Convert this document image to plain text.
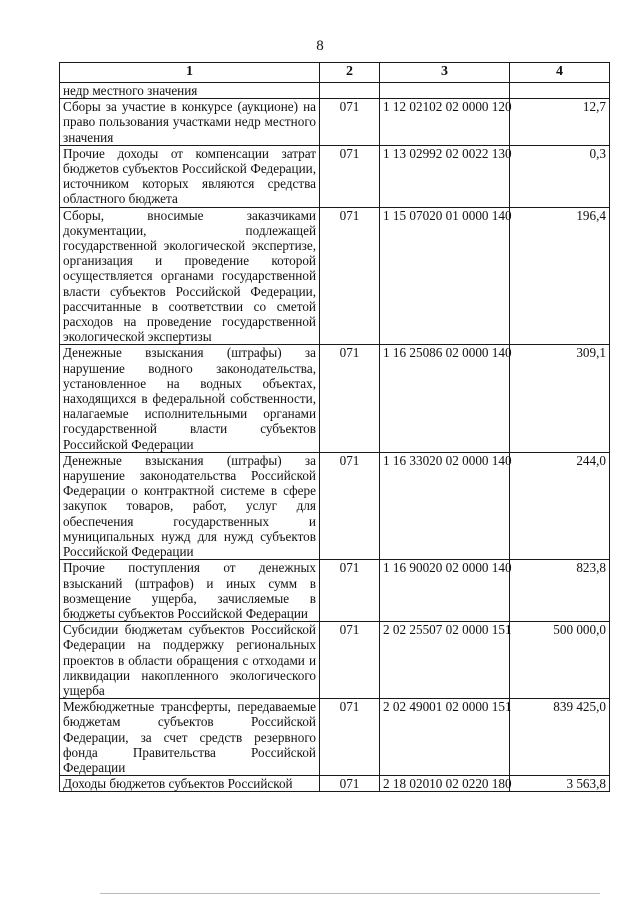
8
1	2	3	4
недр местного значения			
Сборы за участие в конкурсе (аукционе) на право пользования участками недр местного значения	071	1 12 02102 02 0000 120	12,7
Прочие доходы от компенсации затрат бюджетов субъектов Российской Федерации, источником которых являются средства областного бюджета	071	1 13 02992 02 0022 130	0,3
Сборы, вносимые заказчиками документации, подлежащей государственной экологической экспертизе, организация и проведение которой осуществляется органами государственной власти субъектов Российской Федерации, рассчитанные в соответствии со сметой расходов на проведение государственной экологической экспертизы	071	1 15 07020 01 0000 140	196,4
Денежные взыскания (штрафы) за нарушение водного законодательства, установленное на водных объектах, находящихся в федеральной собственности, налагаемые исполнительными органами государственной власти субъектов Российской Федерации	071	1 16 25086 02 0000 140	309,1
Денежные взыскания (штрафы) за нарушение законодательства Российской Федерации о контрактной системе в сфере закупок товаров, работ, услуг для обеспечения государственных и муниципальных нужд для нужд субъектов Российской Федерации	071	1 16 33020 02 0000 140	244,0
Прочие поступления от денежных взысканий (штрафов) и иных сумм в возмещение ущерба, зачисляемые в бюджеты субъектов Российской Федерации	071	1 16 90020 02 0000 140	823,8
Субсидии бюджетам субъектов Российской Федерации на поддержку региональных проектов в области обращения с отходами и ликвидации накопленного экологического ущерба	071	2 02 25507 02 0000 151	500 000,0
Межбюджетные трансферты, передаваемые бюджетам субъектов Российской Федерации, за счет средств резервного фонда Правительства Российской Федерации	071	2 02 49001 02 0000 151	839 425,0
Доходы бюджетов субъектов Российской	071	2 18 02010 02 0220 180	3 563,8
